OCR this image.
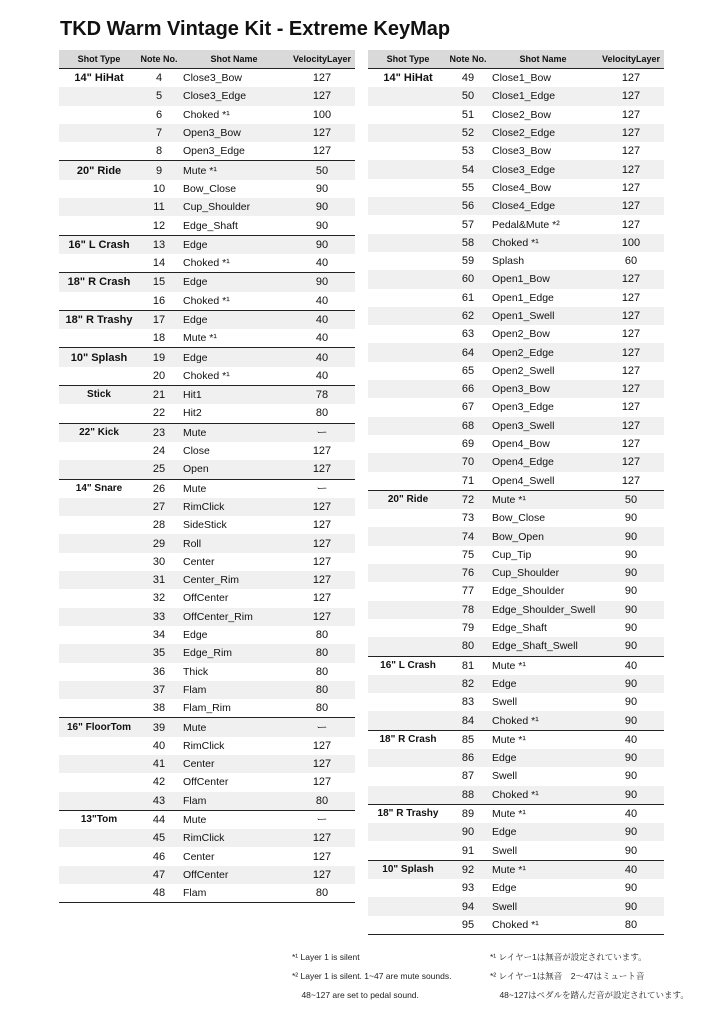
TKD Warm Vintage Kit - Extreme KeyMap
Shot Type	Note No.	Shot Name	VelocityLayer
14" HiHat	4	Close3_Bow	127
	5	Close3_Edge	127
	6	Choked *¹	100
	7	Open3_Bow	127
	8	Open3_Edge	127
20" Ride	9	Mute *¹	50
	10	Bow_Close	90
	11	Cup_Shoulder	90
	12	Edge_Shaft	90
16" L Crash	13	Edge	90
	14	Choked *¹	40
18" R Crash	15	Edge	90
	16	Choked *¹	40
18" R Trashy	17	Edge	40
	18	Mute *¹	40
10" Splash	19	Edge	40
	20	Choked *¹	40
Stick	21	Hit1	78
	22	Hit2	80
22" Kick	23	Mute	ー
	24	Close	127
	25	Open	127
14" Snare	26	Mute	ー
	27	RimClick	127
	28	SideStick	127
	29	Roll	127
	30	Center	127
	31	Center_Rim	127
	32	OffCenter	127
	33	OffCenter_Rim	127
	34	Edge	80
	35	Edge_Rim	80
	36	Thick	80
	37	Flam	80
	38	Flam_Rim	80
16" FloorTom	39	Mute	ー
	40	RimClick	127
	41	Center	127
	42	OffCenter	127
	43	Flam	80
13"Tom	44	Mute	ー
	45	RimClick	127
	46	Center	127
	47	OffCenter	127
	48	Flam	80
Shot Type	Note No.	Shot Name	VelocityLayer
14" HiHat	49	Close1_Bow	127
	50	Close1_Edge	127
	51	Close2_Bow	127
	52	Close2_Edge	127
	53	Close3_Bow	127
	54	Close3_Edge	127
	55	Close4_Bow	127
	56	Close4_Edge	127
	57	Pedal&Mute *²	127
	58	Choked *¹	100
	59	Splash	60
	60	Open1_Bow	127
	61	Open1_Edge	127
	62	Open1_Swell	127
	63	Open2_Bow	127
	64	Open2_Edge	127
	65	Open2_Swell	127
	66	Open3_Bow	127
	67	Open3_Edge	127
	68	Open3_Swell	127
	69	Open4_Bow	127
	70	Open4_Edge	127
	71	Open4_Swell	127
20" Ride	72	Mute *¹	50
	73	Bow_Close	90
	74	Bow_Open	90
	75	Cup_Tip	90
	76	Cup_Shoulder	90
	77	Edge_Shoulder	90
	78	Edge_Shoulder_Swell	90
	79	Edge_Shaft	90
	80	Edge_Shaft_Swell	90
16" L Crash	81	Mute *¹	40
	82	Edge	90
	83	Swell	90
	84	Choked *¹	90
18" R Crash	85	Mute *¹	40
	86	Edge	90
	87	Swell	90
	88	Choked *¹	90
18" R Trashy	89	Mute *¹	40
	90	Edge	90
	91	Swell	90
10" Splash	92	Mute *¹	40
	93	Edge	90
	94	Swell	90
	95	Choked *¹	80
*¹ Layer 1 is silent
*² Layer 1 is silent. 1~47 are mute sounds.
48~127 are set to pedal sound.
*¹ レイヤー1は無音が設定されています。
*² レイヤー1は無音　2～47はミュート音
48~127はペダルを踏んだ音が設定されています。
